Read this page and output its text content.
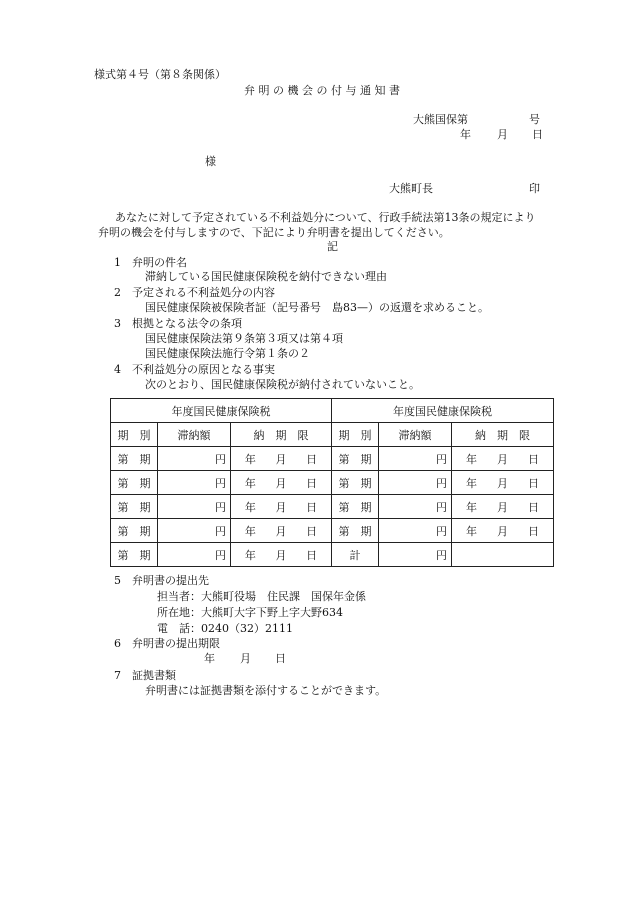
様式第４号（第８条関係）
弁 明 の 機 会 の 付 与 通 知 書
大熊国保第	号
年 月 日
様
大熊町長	印
あなたに対して予定されている不利益処分について、行政手続法第13条の規定により
弁明の機会を付与しますので、下記により弁明書を提出してください。
記
1 弁明の件名
滞納している国民健康保険税を納付できない理由
2 予定される不利益処分の内容
国民健康保険被保険者証（記号番号　島83—）の返還を求めること。
3 根拠となる法令の条項
国民健康保険法第９条第３項又は第４項
国民健康保険法施行令第１条の２
4 不利益処分の原因となる事実
次のとおり、国民健康保険税が納付されていないこと。
年度国民健康保険税			年度国民健康保険税		
期　別	滞納額	納　期　限	期　別	滞納額	納　期　限
第　期	円	年 月 日	第　期	円	年 月 日

第　期	円	年 月 日	第　期	円	年 月 日

第　期	円	年 月 日	第　期	円	年 月 日

第　期	円	年 月 日	第　期	円	年 月 日

第　期	円	年 月 日	計	円	
5 弁明書の提出先
担当者：大熊町役場　住民課　国保年金係
所在地：大熊町大字下野上字大野634
電　話：0240（32）2111
6 弁明書の提出期限
年 月 日
7 証拠書類
弁明書には証拠書類を添付することができます。
